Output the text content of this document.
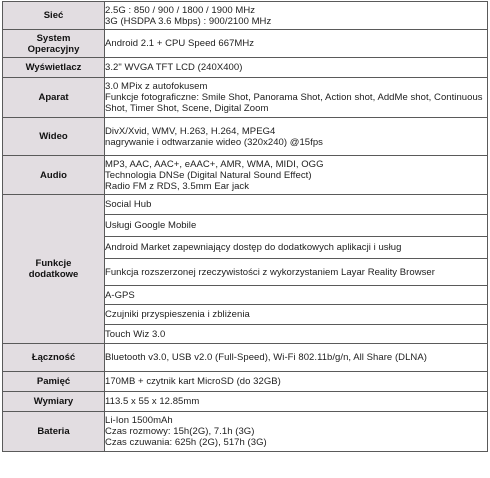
Sieć	2.5G : 850 / 900 / 1800 / 1900 MHz
3G (HSDPA 3.6 Mbps) : 900/2100 MHz

System
Operacyjny	Android 2.1 + CPU Speed 667MHz

Wyświetlacz	3.2" WVGA TFT LCD (240X400)

Aparat	3.0 MPix z autofokusem
Funkcje fotograficzne: Smile Shot, Panorama Shot, Action shot, AddMe shot, Continuous Shot, Timer Shot, Scene, Digital Zoom

Wideo	DivX/Xvid, WMV, H.263, H.264, MPEG4
nagrywanie i odtwarzanie wideo (320x240) @15fps

Audio	MP3, AAC, AAC+, eAAC+, AMR, WMA, MIDI, OGG
Technologia DNSe (Digital Natural Sound Effect)
Radio FM z RDS, 3.5mm Ear jack

Funkcje
dodatkowe	Social Hub
	Usługi Google Mobile
	Android Market zapewniający dostęp do dodatkowych aplikacji i usług
	Funkcja rozszerzonej rzeczywistości z wykorzystaniem Layar Reality Browser
	A-GPS
	Czujniki przyspieszenia i zbliżenia
	Touch Wiz 3.0
Łączność	Bluetooth v3.0, USB v2.0 (Full-Speed), Wi-Fi 802.11b/g/n, All Share (DLNA)

Pamięć	170MB + czytnik kart MicroSD (do 32GB)

Wymiary	113.5 x 55 x 12.85mm

Bateria	Li-Ion 1500mAh
Czas rozmowy: 15h(2G), 7.1h (3G)
Czas czuwania: 625h (2G), 517h (3G)
